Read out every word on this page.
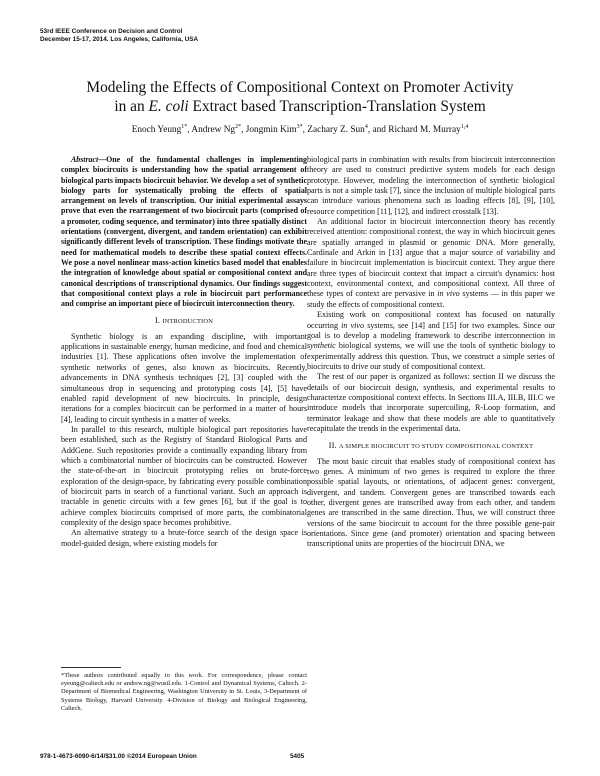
53rd IEEE Conference on Decision and Control
December 15-17, 2014. Los Angeles, California, USA
Modeling the Effects of Compositional Context on Promoter Activity
in an E. coli Extract based Transcription-Translation System
Enoch Yeung$^{1*}$, Andrew $Ng^{2*}$, Jongmin Kim$^{3*}$, Zachary Z. Sun$^4$, and Richard M. Murray$^{1,4}$

Abstract—One of the fundamental challenges in implementing complex biocircuits is understanding how the spatial arrangement of biological parts impacts biocircuit behavior. We develop a set of synthetic biology parts for systematically probing the effects of spatial arrangement on levels of transcription. Our initial experimental assays prove that even the rearrangement of two biocircuit parts (comprised of a promoter, coding sequence, and terminator) into three spatially distinct orientations (convergent, divergent, and tandem orientation) can exhibit significantly different levels of transcription. These findings motivate the need for mathematical models to describe these spatial context effects. We pose a novel nonlinear mass-action kinetics based model that enables the integration of knowledge about spatial or compositional context and canonical descriptions of transcriptional dynamics. Our findings suggest that compositional context plays a role in biocircuit part performance and comprise an important piece of biocircuit interconnection theory.

I. INTRODUCTION

Synthetic biology is an expanding discipline, with important applications in sustainable energy, human medicine, and food and chemical industries [1]. These applications often involve the implementation of synthetic networks of genes, also known as biocircuits. Recently, advancements in DNA synthesis techniques [2], [3] coupled with the simultaneous drop in sequencing and prototyping costs [4], [5] have enabled rapid development of new biocircuits. In principle, design iterations for a complex biocircuit can be performed in a matter of hours [4], leading to circuit synthesis in a matter of weeks.

In parallel to this research, multiple biological part repositories have been established, such as the Registry of Standard Biological Parts and AddGene. Such repositories provide a continually expanding library from which a combinatorial number of biocircuits can be constructed. However the state-of-the-art in biocircuit prototyping relies on brute-force exploration of the design-space, by fabricating every possible combination of biocircuit parts in search of a functional variant. Such an approach is tractable in genetic circuits with a few genes [6], but if the goal is to achieve complex biocircuits comprised of more parts, the combinatorial complexity of the design space becomes prohibitive.

An alternative strategy to a brute-force search of the design space is model-guided design, where existing models for

biological parts in combination with results from biocircuit interconnection theory are used to construct predictive system models for each design prototype. However, modeling the interconnection of synthetic biological parts is not a simple task [7], since the inclusion of multiple biological parts can introduce various phenomena such as loading effects [8], [9], [10], resource competition [11], [12], and indirect crosstalk [13].

An additional factor in biocircuit interconnection theory has recently received attention: compositional context, the way in which biocircuit genes are spatially arranged in plasmid or genomic DNA. More generally, Cardinale and Arkin in [13] argue that a major source of variability and failure in biocircuit implementation is biocircuit context. They argue there are three types of biocircuit context that impact a circuit's dynamics: host context, environmental context, and compositional context. All three of these types of context are pervasive in in vivo systems — in this paper we study the effects of compositional context.

Existing work on compositional context has focused on naturally occurring in vivo systems, see [14] and [15] for two examples. Since our goal is to develop a modeling framework to describe interconnection in synthetic biological systems, we will use the tools of synthetic biology to experimentally address this question. Thus, we construct a simple series of biocircuits to drive our study of compositional context.

The rest of our paper is organized as follows: section II we discuss the details of our biocircuit design, synthesis, and experimental results to characterize compositional context effects. In Sections III.A, III.B, III.C we introduce models that incorporate supercoiling, R-Loop formation, and terminator leakage and show that these models are able to quantitatively recapitulate the trends in the experimental data.

II. A SIMPLE BIOCIRCUIT TO STUDY COMPOSITIONAL CONTEXT

The most basic circuit that enables study of compositional context has two genes. A minimum of two genes is required to explore the three possible spatial layouts, or orientations, of adjacent genes: convergent, divergent, and tandem. Convergent genes are transcribed towards each other, divergent genes are transcribed away from each other, and tandem genes are transcribed in the same direction. Thus, we will construct three versions of the same biocircuit to account for the three possible gene-pair orientations. Since gene (and promoter) orientation and spacing between transcriptional units are properties of the biocircuit DNA, we

*These authors contributed equally to this work. For correspondence, please contact eyeung@caltech.edu or andrew.ng@wustl.edu. 1-Control and Dynamical Systems, Caltech. 2-Department of Biomedical Engineering, Washington University in St. Louis, 3-Department of Systems Biology, Harvard University. 4-Division of Biology and Biological Engineering, Caltech.
978-1-4673-6090-6/14/$31.00 ©2014 European Union	5405
